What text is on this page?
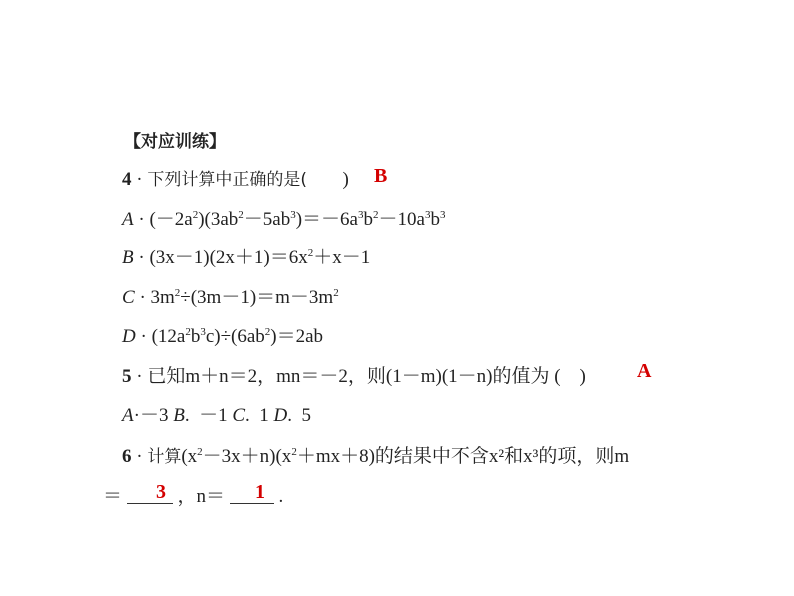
【对应训练】
4 · 下列计算中正确的是( ) B
$A \cdot (-2a^2)(3ab^2-5ab^3)=-6a^3b^2-10a^3b^3$
$B \cdot (3x-1)(2x+1)=6x^2+x-1$
$C \cdot 3m^2\div(3m-1)=m-3m^2$
$D \cdot (12a^2b^3c)\div(6ab^2)=2ab$
5 · 已知m＋n＝2，mn＝－2，则(1－m)(1－n)的值为 (　)	A
A·－3 B. －1 C. 1 D. 5
6 · 计算$(x^2-3x+n)(x^2+mx+8)$的结果中不含x²和x³的项，则m
＝	，n＝	.
3	1
